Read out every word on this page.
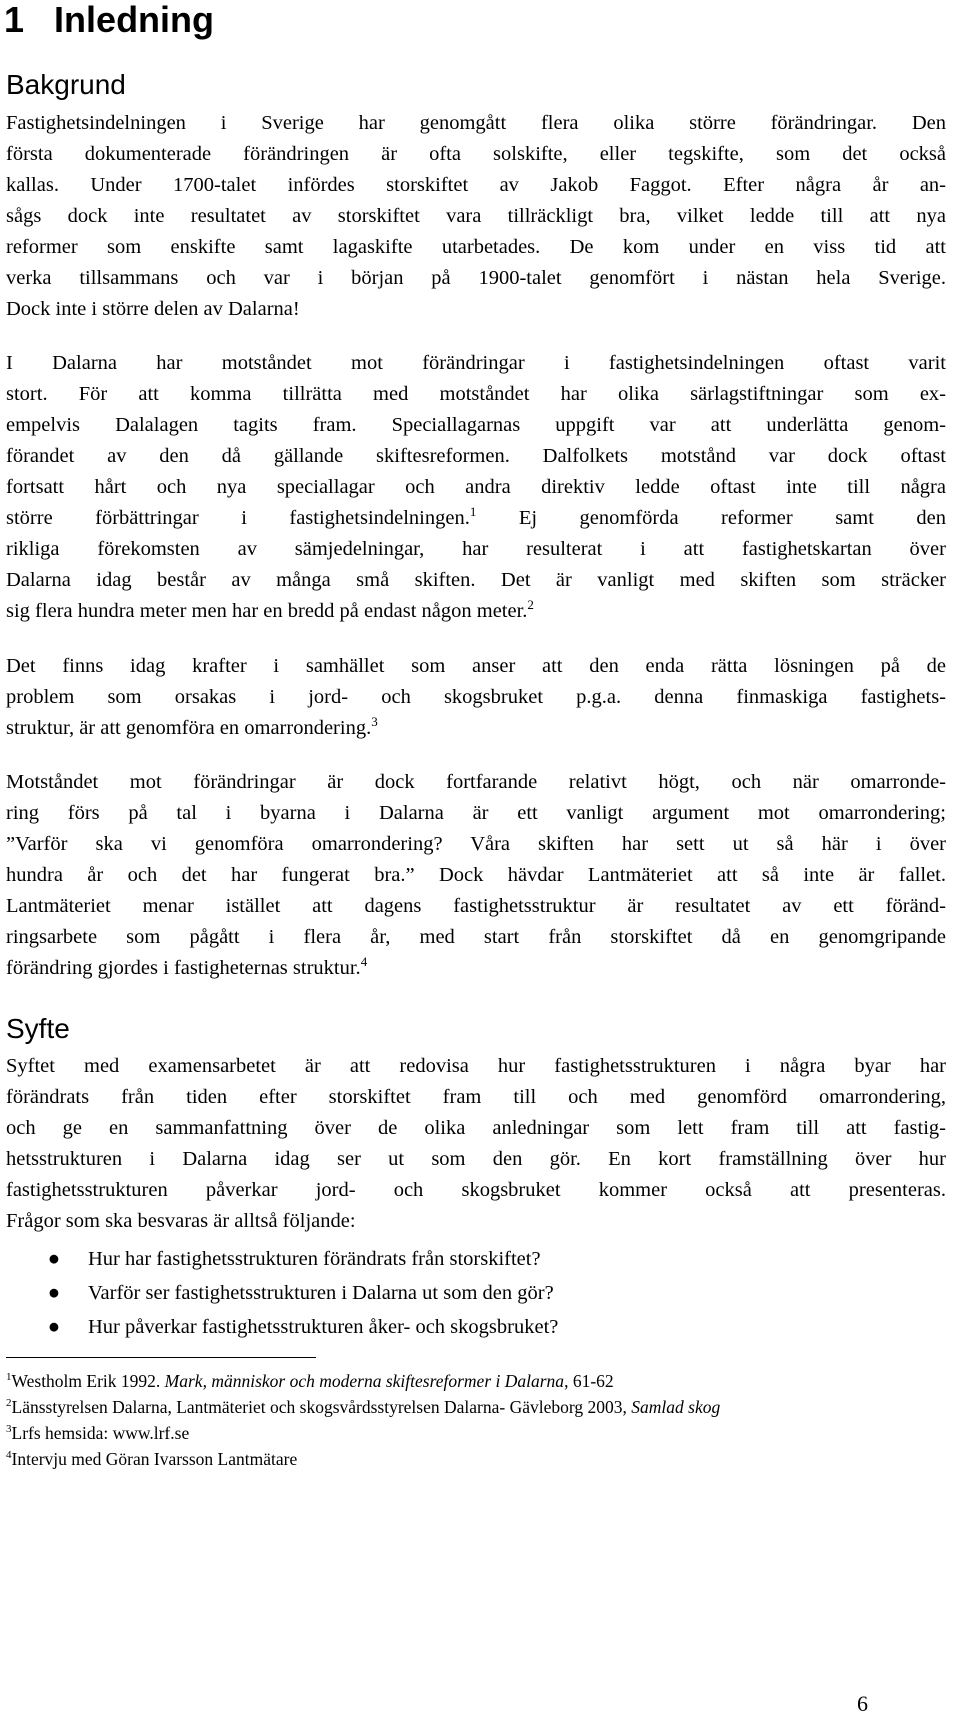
1 Inledning
Bakgrund
Fastighetsindelningen i Sverige har genomgått flera olika större förändringar. Den
första dokumenterade förändringen är ofta solskifte, eller tegskifte, som det också
kallas. Under 1700-talet infördes storskiftet av Jakob Faggot. Efter några år an-
sågs dock inte resultatet av storskiftet vara tillräckligt bra, vilket ledde till att nya
reformer som enskifte samt lagaskifte utarbetades. De kom under en viss tid att
verka tillsammans och var i början på 1900-talet genomfört i nästan hela Sverige.
Dock inte i större delen av Dalarna!
I Dalarna har motståndet mot förändringar i fastighetsindelningen oftast varit
stort. För att komma tillrätta med motståndet har olika särlagstiftningar som ex-
empelvis Dalalagen tagits fram. Speciallagarnas uppgift var att underlätta genom-
förandet av den då gällande skiftesreformen. Dalfolkets motstånd var dock oftast
fortsatt hårt och nya speciallagar och andra direktiv ledde oftast inte till några
större förbättringar i fastighetsindelningen.$^1$ Ej genomförda reformer samt den
rikliga förekomsten av sämjedelningar, har resulterat i att fastighetskartan över
Dalarna idag består av många små skiften. Det är vanligt med skiften som sträcker
sig flera hundra meter men har en bredd på endast någon meter.$^2$
Det finns idag krafter i samhället som anser att den enda rätta lösningen på de
problem som orsakas i jord- och skogsbruket p.g.a. denna finmaskiga fastighets-
struktur, är att genomföra en omarrondering.$^3$
Motståndet mot förändringar är dock fortfarande relativt högt, och när omarronde-
ring förs på tal i byarna i Dalarna är ett vanligt argument mot omarrondering;
”Varför ska vi genomföra omarrondering? Våra skiften har sett ut så här i över
hundra år och det har fungerat bra.” Dock hävdar Lantmäteriet att så inte är fallet.
Lantmäteriet menar istället att dagens fastighetsstruktur är resultatet av ett föränd-
ringsarbete som pågått i flera år, med start från storskiftet då en genomgripande
förändring gjordes i fastigheternas struktur.$^4$
Syfte
Syftet med examensarbetet är att redovisa hur fastighetsstrukturen i några byar har
förändrats från tiden efter storskiftet fram till och med genomförd omarrondering,
och ge en sammanfattning över de olika anledningar som lett fram till att fastig-
hetsstrukturen i Dalarna idag ser ut som den gör. En kort framställning över hur
fastighetsstrukturen påverkar jord- och skogsbruket kommer också att presenteras.
Frågor som ska besvaras är alltså följande:
● Hur har fastighetsstrukturen förändrats från storskiftet?
● Varför ser fastighetsstrukturen i Dalarna ut som den gör?
● Hur påverkar fastighetsstrukturen åker- och skogsbruket?

$^1$Westholm Erik 1992. Mark, människor och moderna skiftesreformer i Dalarna, 61-62

$^2$Länsstyrelsen Dalarna, Lantmäteriet och skogsvårdsstyrelsen Dalarna- Gävleborg 2003, Samlad skog

$^3$Lrfs hemsida: www.lrf.se

$^4$Intervju med Göran Ivarsson Lantmätare

6
